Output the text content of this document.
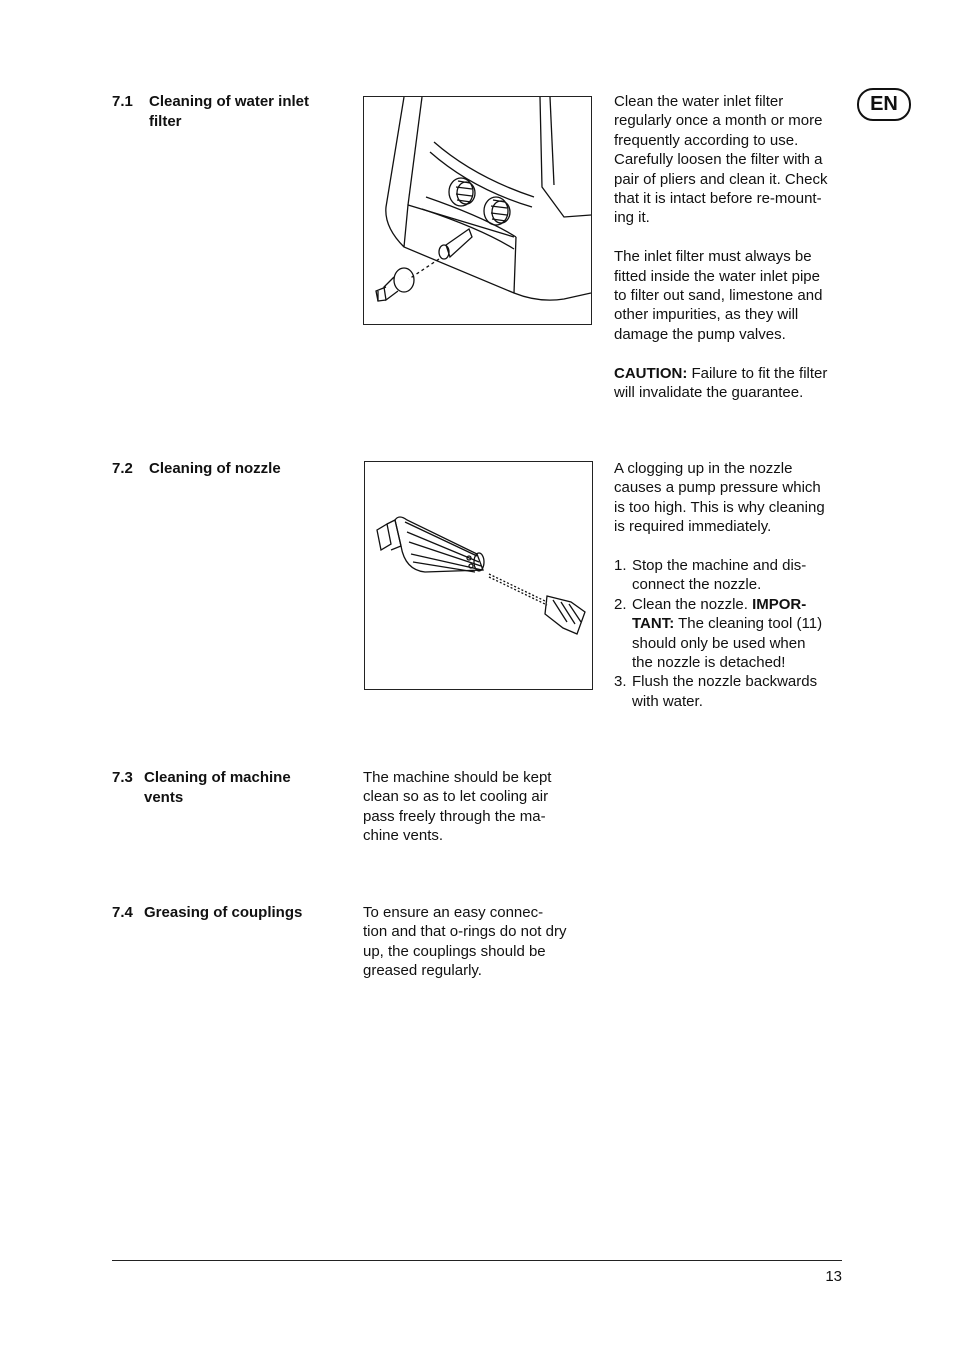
EN
7.1 Cleaning of water inlet
filter

Clean the water inlet filter
regularly once a month or more
frequently according to use.
Carefully loosen the filter with a
pair of pliers and clean it. Check
that it is intact before re-mount-
ing it.

The inlet filter must always be
fitted inside the water inlet pipe
to filter out sand, limestone and
other impurities, as they will
damage the pump valves.

CAUTION: Failure to fit the filter
will invalidate the guarantee.

7.2 Cleaning of nozzle	A clogging up in the nozzle
causes a pump pressure which
is too high. This is why cleaning
is required immediately.

1. Stop the machine and dis-
connect the nozzle.
2. Clean the nozzle. IMPOR-
TANT: The cleaning tool (11)
should only be used when
the nozzle is detached!
3. Flush the nozzle backwards
with water.
7.3 Cleaning of machine
vents

The machine should be kept
clean so as to let cooling air
pass freely through the ma-
chine vents.

7.4 Greasing of couplings	To ensure an easy connec-
tion and that o-rings do not dry
up, the couplings should be
greased regularly.

13
